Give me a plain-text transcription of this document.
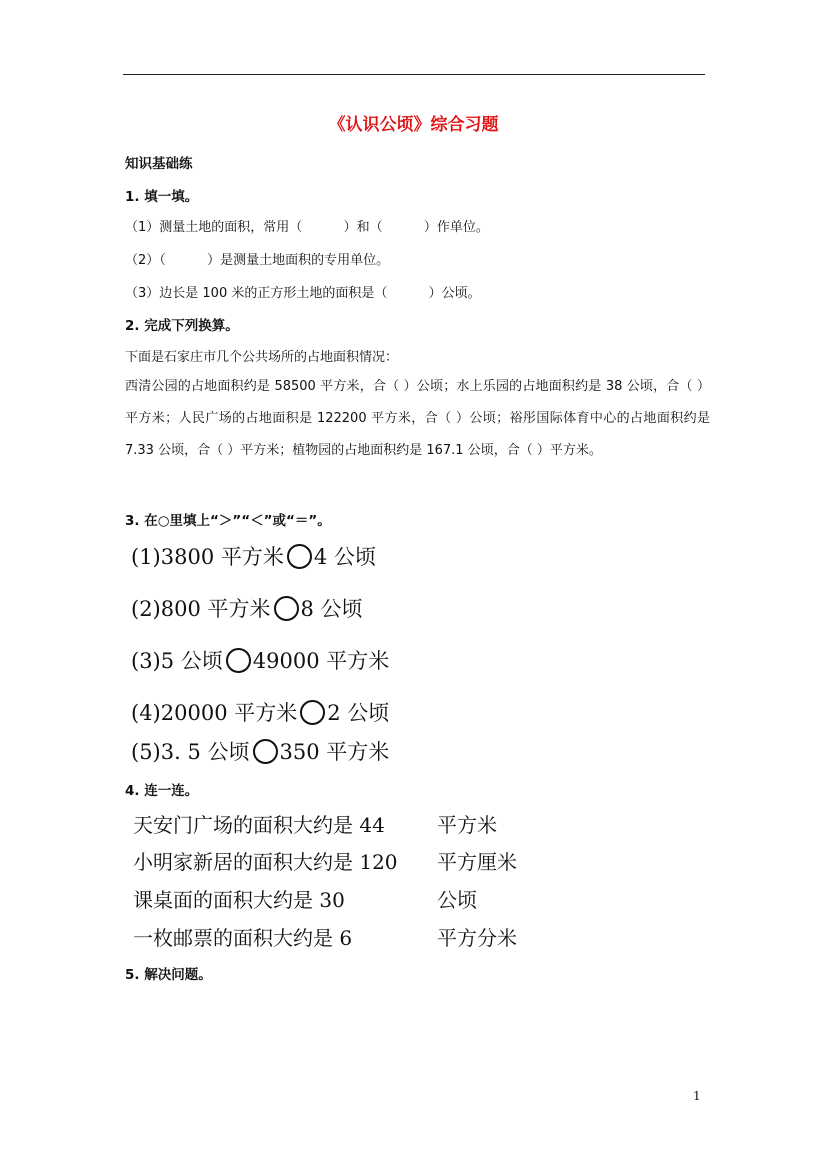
《认识公顷》综合习题
知识基础练
1. 填一填。
（1）测量土地的面积，常用（          ）和（          ）作单位。
（2）（          ）是测量土地面积的专用单位。
（3）边长是 100 米的正方形土地的面积是（          ）公顷。
2. 完成下列换算。
下面是石家庄市几个公共场所的占地面积情况：
西清公园的占地面积约是 58500 平方米，合（ ）公顷；水上乐园的占地面积约是 38 公顷，合（ ）平方米；人民广场的占地面积是 122200 平方米，合（ ）公顷；裕彤国际体育中心的占地面积约是 7.33 公顷，合（ ）平方米；植物园的占地面积约是 167.1 公顷，合（ ）平方米。
3. 在○里填上“＞”“＜”或“＝”。
(1)3800 平方米 4 公顷
(2)800 平方米 8 公顷
(3)5 公顷 49000 平方米
(4)20000 平方米 2 公顷
(5)3. 5 公顷 350 平方米
4. 连一连。
天安门广场的面积大约是 44
小明家新居的面积大约是 120
课桌面的面积大约是 30
一枚邮票的面积大约是 6
平方米
平方厘米
公顷
平方分米
5. 解决问题。
1
